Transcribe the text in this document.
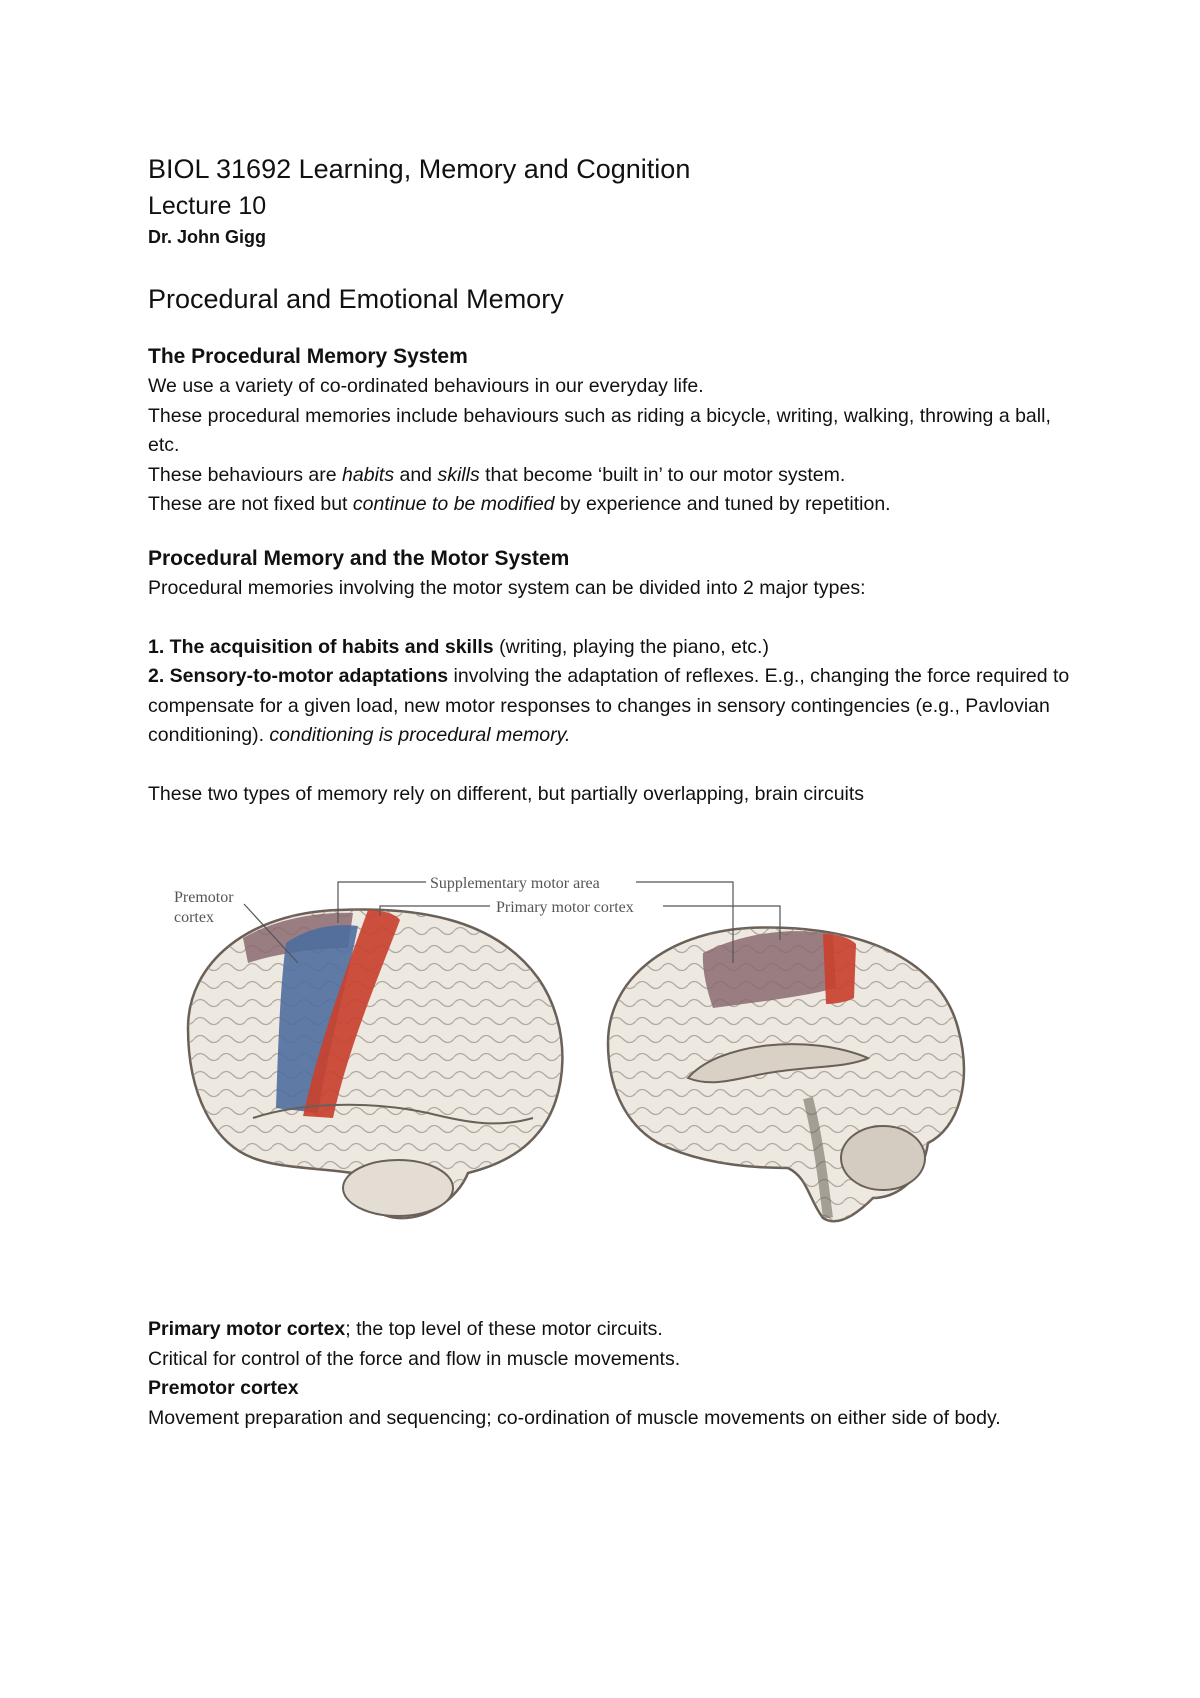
BIOL 31692 Learning, Memory and Cognition
Lecture 10
Dr. John Gigg
Procedural and Emotional Memory
The Procedural Memory System

We use a variety of co-ordinated behaviours in our everyday life.

These procedural memories include behaviours such as riding a bicycle, writing, walking, throwing a ball, etc.

These behaviours are habits and skills that become ‘built in’ to our motor system.

These are not fixed but continue to be modified by experience and tuned by repetition.

Procedural Memory and the Motor System

Procedural memories involving the motor system can be divided into 2 major types:

1. The acquisition of habits and skills (writing, playing the piano, etc.)

2. Sensory-to-motor adaptations involving the adaptation of reflexes. E.g., changing the force required to compensate for a given load, new motor responses to changes in sensory contingencies (e.g., Pavlovian conditioning). conditioning is procedural memory.

These two types of memory rely on different, but partially overlapping, brain circuits

Premotor
cortex
Supplementary motor area
Primary motor cortex

Primary motor cortex; the top level of these motor circuits.

Critical for control of the force and flow in muscle movements.

Premotor cortex

Movement preparation and sequencing; co-ordination of muscle movements on either side of body.
